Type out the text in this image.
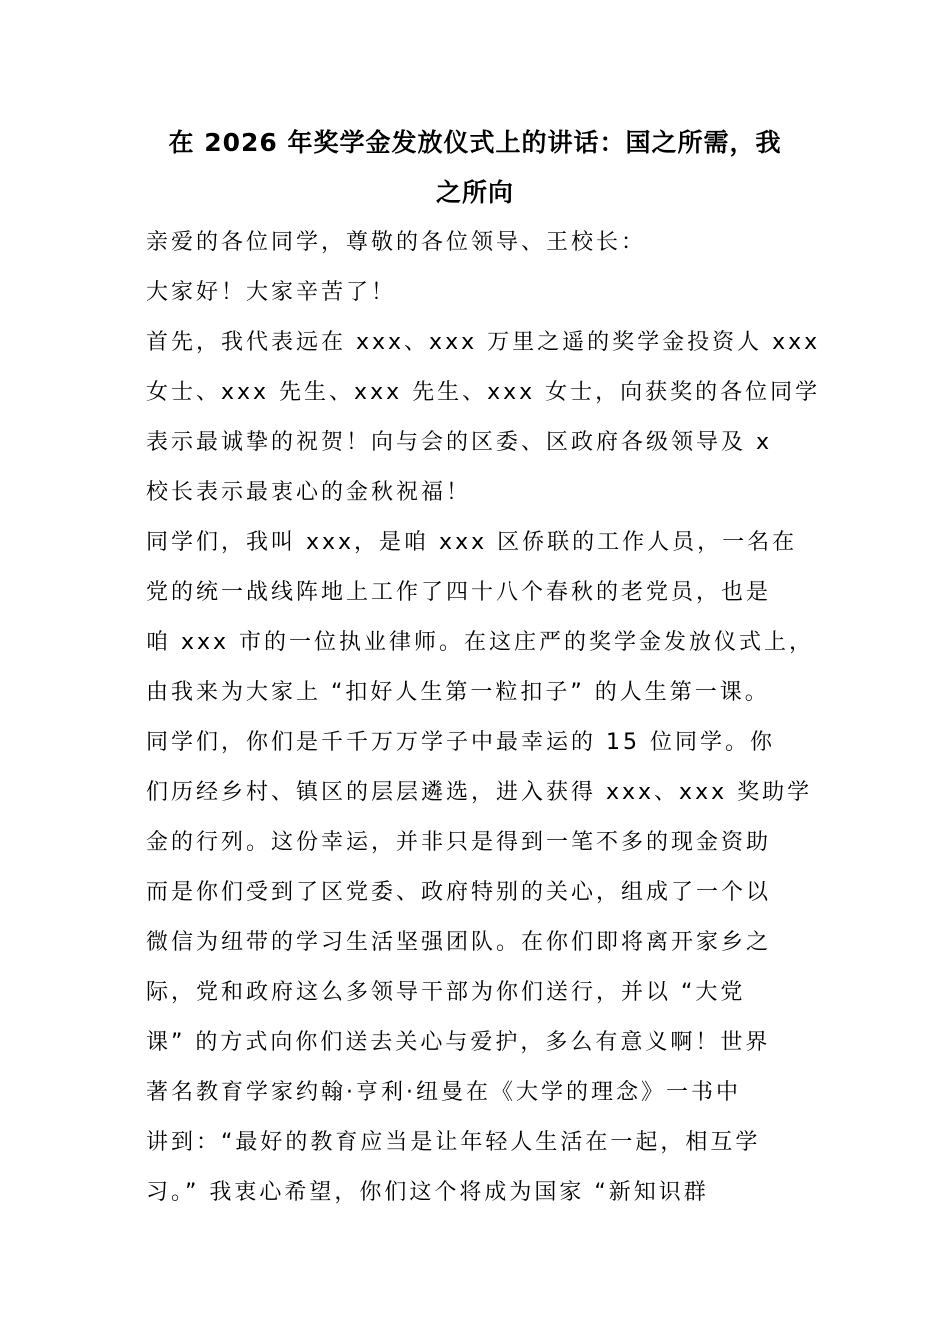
在 2026 年奖学金发放仪式上的讲话：国之所需，我
之所向
亲爱的各位同学，尊敬的各位领导、王校长：
大家好！大家辛苦了！
首先，我代表远在 xxx、xxx 万里之遥的奖学金投资人 xxx
女士、xxx 先生、xxx 先生、xxx 女士，向获奖的各位同学
表示最诚挚的祝贺！向与会的区委、区政府各级领导及 x
校长表示最衷心的金秋祝福！
同学们，我叫 xxx，是咱 xxx 区侨联的工作人员，一名在
党的统一战线阵地上工作了四十八个春秋的老党员，也是
咱 xxx 市的一位执业律师。在这庄严的奖学金发放仪式上，
由我来为大家上 “扣好人生第一粒扣子” 的人生第一课。
同学们，你们是千千万万学子中最幸运的 15 位同学。你
们历经乡村、镇区的层层遴选，进入获得 xxx、xxx 奖助学
金的行列。这份幸运，并非只是得到一笔不多的现金资助
而是你们受到了区党委、政府特别的关心，组成了一个以
微信为纽带的学习生活坚强团队。在你们即将离开家乡之
际，党和政府这么多领导干部为你们送行，并以 “大党
课” 的方式向你们送去关心与爱护，多么有意义啊！世界
著名教育学家约翰·亨利·纽曼在《大学的理念》一书中
讲到：“最好的教育应当是让年轻人生活在一起，相互学
习。” 我衷心希望，你们这个将成为国家 “新知识群
